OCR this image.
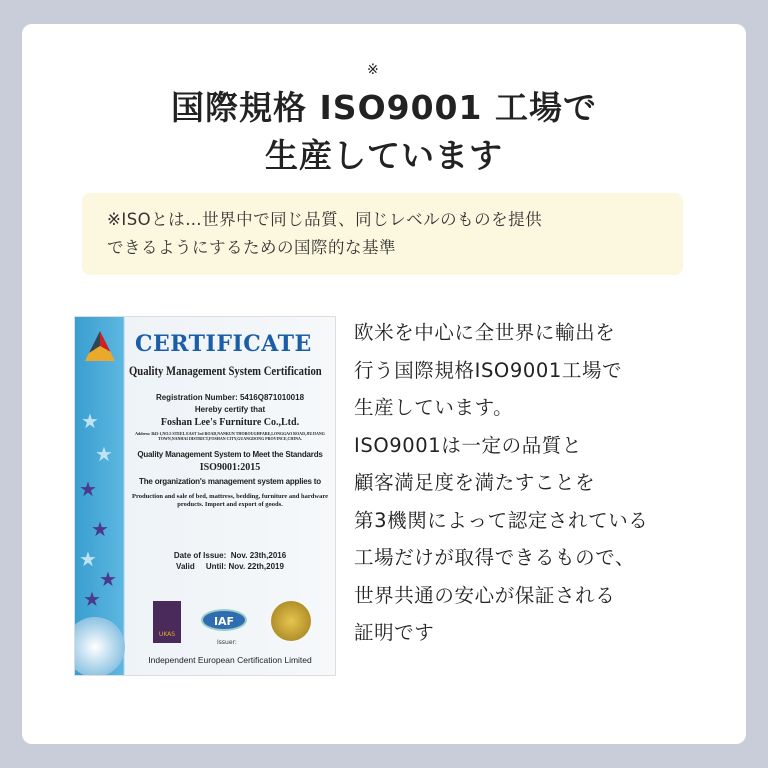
※
国際規格 ISO9001 工場で
生産しています
※ISOとは…世界中で同じ品質、同じレベルのものを提供
できるようにするための国際的な基準
★
★
★
★
★
★
★
CERTIFICATE
Quality Management System Certification
Registration Number: 5416Q871010018
Hereby certify that
Foshan Lee's Furniture Co.,Ltd.
Address: B43-1,NO.5 STEEL EAST 3rd ROAD,NANKUN THOROUGHFARE,LONGGAO ROAD,JIUJIANG TOWN,NANHAI DISTRICT,FOSHAN CITY,GUANGDONG PROVINCE,CHINA.
Quality Management System to Meet the Standards
ISO9001:2015
The organization's management system applies to
Production and sale of bed, mattress, bedding, furniture and hardware products. Import and export of goods.
Date of Issue:  Nov. 23th,2016
Valid     Until: Nov. 22th,2019
UKAS
IAF
Issuer:
Independent European Certification Limited
欧米を中心に全世界に輸出を
行う国際規格ISO9001工場で
生産しています。
ISO9001は一定の品質と
顧客満足度を満たすことを
第3機関によって認定されている
工場だけが取得できるもので、
世界共通の安心が保証される
証明です
